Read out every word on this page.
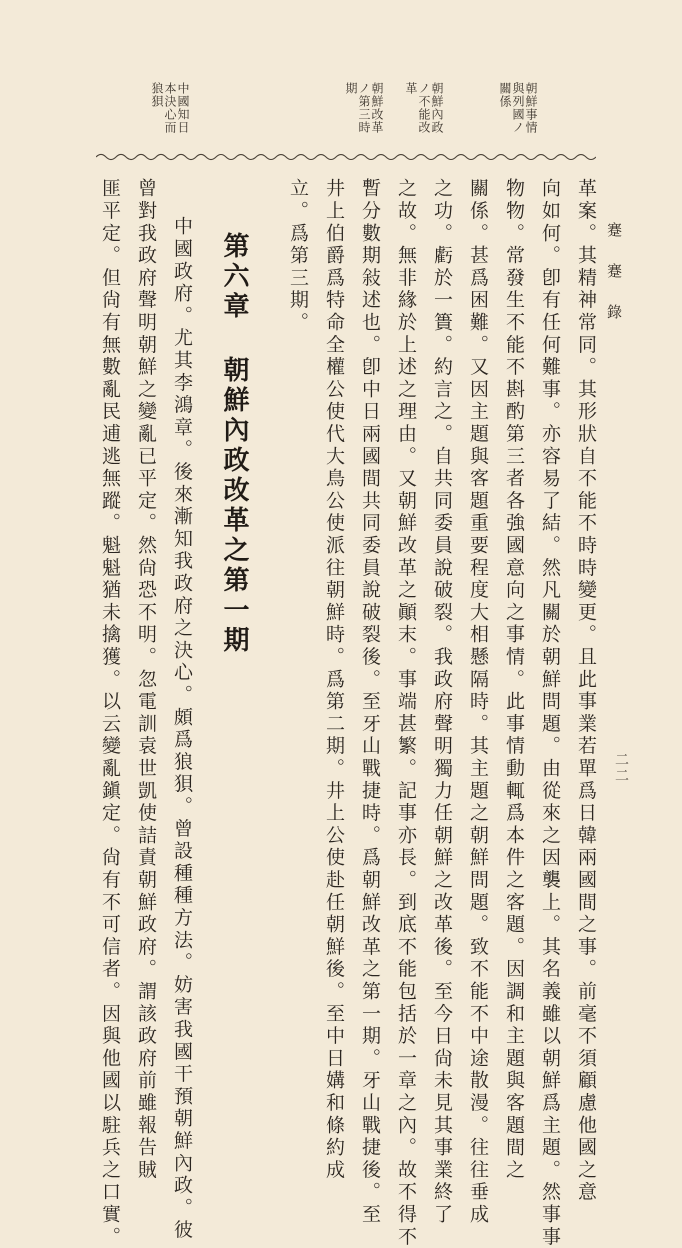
蹇蹇錄
二二
朝鮮事情
與列國ノ
關係
朝鮮內政
ノ不能改
革
朝鮮改革
ノ第三時
期
中國知日
本決心而
狼狽
革案。其精神常同。其形狀自不能不時時變更。且此事業若單爲日韓兩國間之事。前毫不須顧慮他國之意
向如何。卽有任何難事。亦容易了結。然凡關於朝鮮問題。由從來之因襲上。其名義雖以朝鮮爲主題。然事事
物物。常發生不能不斟酌第三者各強國意向之事情。此事情動輒爲本件之客題。因調和主題與客題間之
關係。甚爲困難。又因主題與客題重要程度大相懸隔時。其主題之朝鮮問題。致不能不中途散漫。往往垂成
之功。虧於一簣。約言之。自共同委員說破裂。我政府聲明獨力任朝鮮之改革後。至今日尙未見其事業終了
之故。無非緣於上述之理由。又朝鮮改革之顚末。事端甚繁。記事亦長。到底不能包括於一章之內。故不得不
暫分數期敍述也。卽中日兩國間共同委員說破裂後。至牙山戰捷時。爲朝鮮改革之第一期。牙山戰捷後。至
井上伯爵爲特命全權公使代大鳥公使派往朝鮮時。爲第二期。井上公使赴任朝鮮後。至中日媾和條約成
立。爲第三期。
第六章朝鮮內政改革之第一期
中國政府。尤其李鴻章。後來漸知我政府之決心。頗爲狼狽。曾設種種方法。妨害我國干預朝鮮內政。彼
曾對我政府聲明朝鮮之變亂已平定。然尙恐不明。忽電訓袁世凱使詰責朝鮮政府。謂該政府前雖報告賊
匪平定。但尙有無數亂民逋逃無蹤。魁魁猶未擒獲。以云變亂鎭定。尙有不可信者。因與他國以駐兵之口實。
